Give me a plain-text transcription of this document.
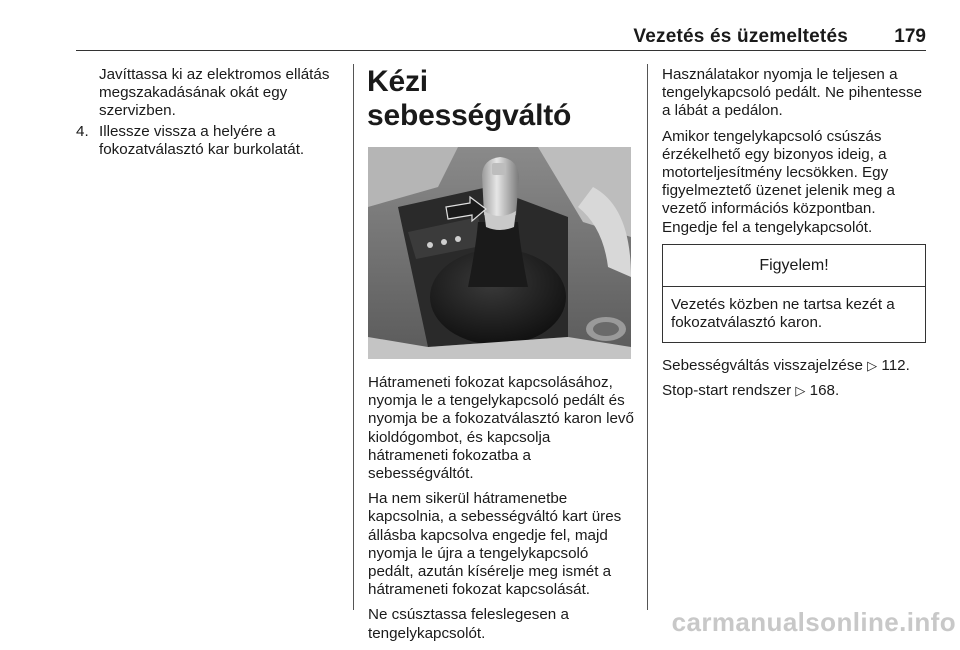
Vezetés és üzemeltetés 179
Javíttassa ki az elektromos ellátás megszakadásának okát egy szervizben.
4. Illessze vissza a helyére a fokozatválasztó kar burkolatát.
Kézi sebességváltó

Hátrameneti fokozat kapcsolásához, nyomja le a tengelykapcsoló pedált és nyomja be a fokozatválasztó karon levő kioldógombot, és kapcsolja hátrameneti fokozatba a sebességváltót.

Ha nem sikerül hátramenetbe kapcsolnia, a sebességváltó kart üres állásba kapcsolva engedje fel, majd nyomja le újra a tengelykapcsoló pedált, azután kísérelje meg ismét a hátrameneti fokozat kapcsolását.

Ne csúsztassa feleslegesen a tengelykapcsolót.

Használatakor nyomja le teljesen a tengelykapcsoló pedált. Ne pihentesse a lábát a pedálon.

Amikor tengelykapcsoló csúszás érzékelhető egy bizonyos ideig, a motorteljesítmény lecsökken. Egy figyelmeztető üzenet jelenik meg a vezető információs központban. Engedje fel a tengelykapcsolót.

Figyelem!
Vezetés közben ne tartsa kezét a fokozatválasztó karon.

Sebességváltás visszajelzése ▷ 112.

Stop-start rendszer ▷ 168.

carmanualsonline.info
